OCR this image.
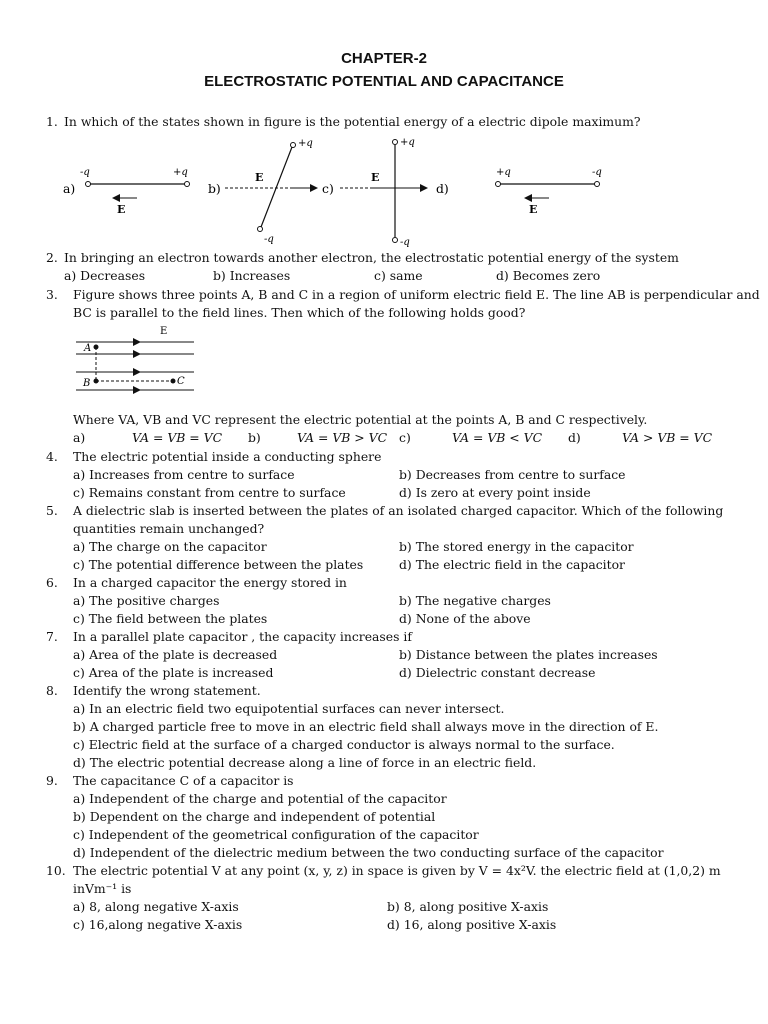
CHAPTER-2
ELECTROSTATIC POTENTIAL AND CAPACITANCE
1. In which of the states shown in figure is the potential energy of a electric dipole maximum?
a)
-q	+q
E
b)
E
+q
-q
c)
E
+q
-q
d)
+q	-q
E
2. In bringing an electron towards another electron, the electrostatic potential energy of the system
a) Decreases	b) Increases	c) same	d) Becomes zero
3. Figure shows three points A, B and C in a region of uniform electric field E. The line AB is perpendicular and
BC is parallel to the field lines. Then which of the following holds good?
E
A
B	C
Where VA, VB and VC represent the electric potential at the points A, B and C respectively.
a)	VA = VB = VC b)	VA = VB > VC c)	VA = VB < VC d)	VA > VB = VC
4. The electric potential inside a conducting sphere
a) Increases from centre to surface	b) Decreases from centre to surface
c) Remains constant from centre to surface	d) Is zero at every point inside
5. A dielectric slab is inserted between the plates of an isolated charged capacitor. Which of the following
quantities remain unchanged?
a) The charge on the capacitor	b) The stored energy in the capacitor
c) The potential difference between the plates	d) The electric field in the capacitor
6. In a charged capacitor the energy stored in
a) The positive charges	b) The negative charges
c) The field between the plates	d) None of the above
7. In a parallel plate capacitor , the capacity increases if
a) Area of the plate is decreased	b) Distance between the plates increases
c) Area of the plate is increased	d) Dielectric constant decrease
8. Identify the wrong statement.
a) In an electric field two equipotential surfaces can never intersect.
b) A charged particle free to move in an electric field shall always move in the direction of E.
c) Electric field at the surface of a charged conductor is always normal to the surface.
d) The electric potential decrease along a line of force in an electric field.
9. The capacitance C of a capacitor is
a) Independent of the charge and potential of the capacitor
b) Dependent on the charge and independent of potential
c) Independent of the geometrical configuration of the capacitor
d) Independent of the dielectric medium between the two conducting surface of the capacitor
10. The electric potential V at any point (x, y, z) in space is given by V = 4x²V. the electric field at (1,0,2) m
inVm⁻¹ is
a) 8, along negative X-axis	b) 8, along positive X-axis
c) 16,along negative X-axis	d) 16, along positive X-axis
